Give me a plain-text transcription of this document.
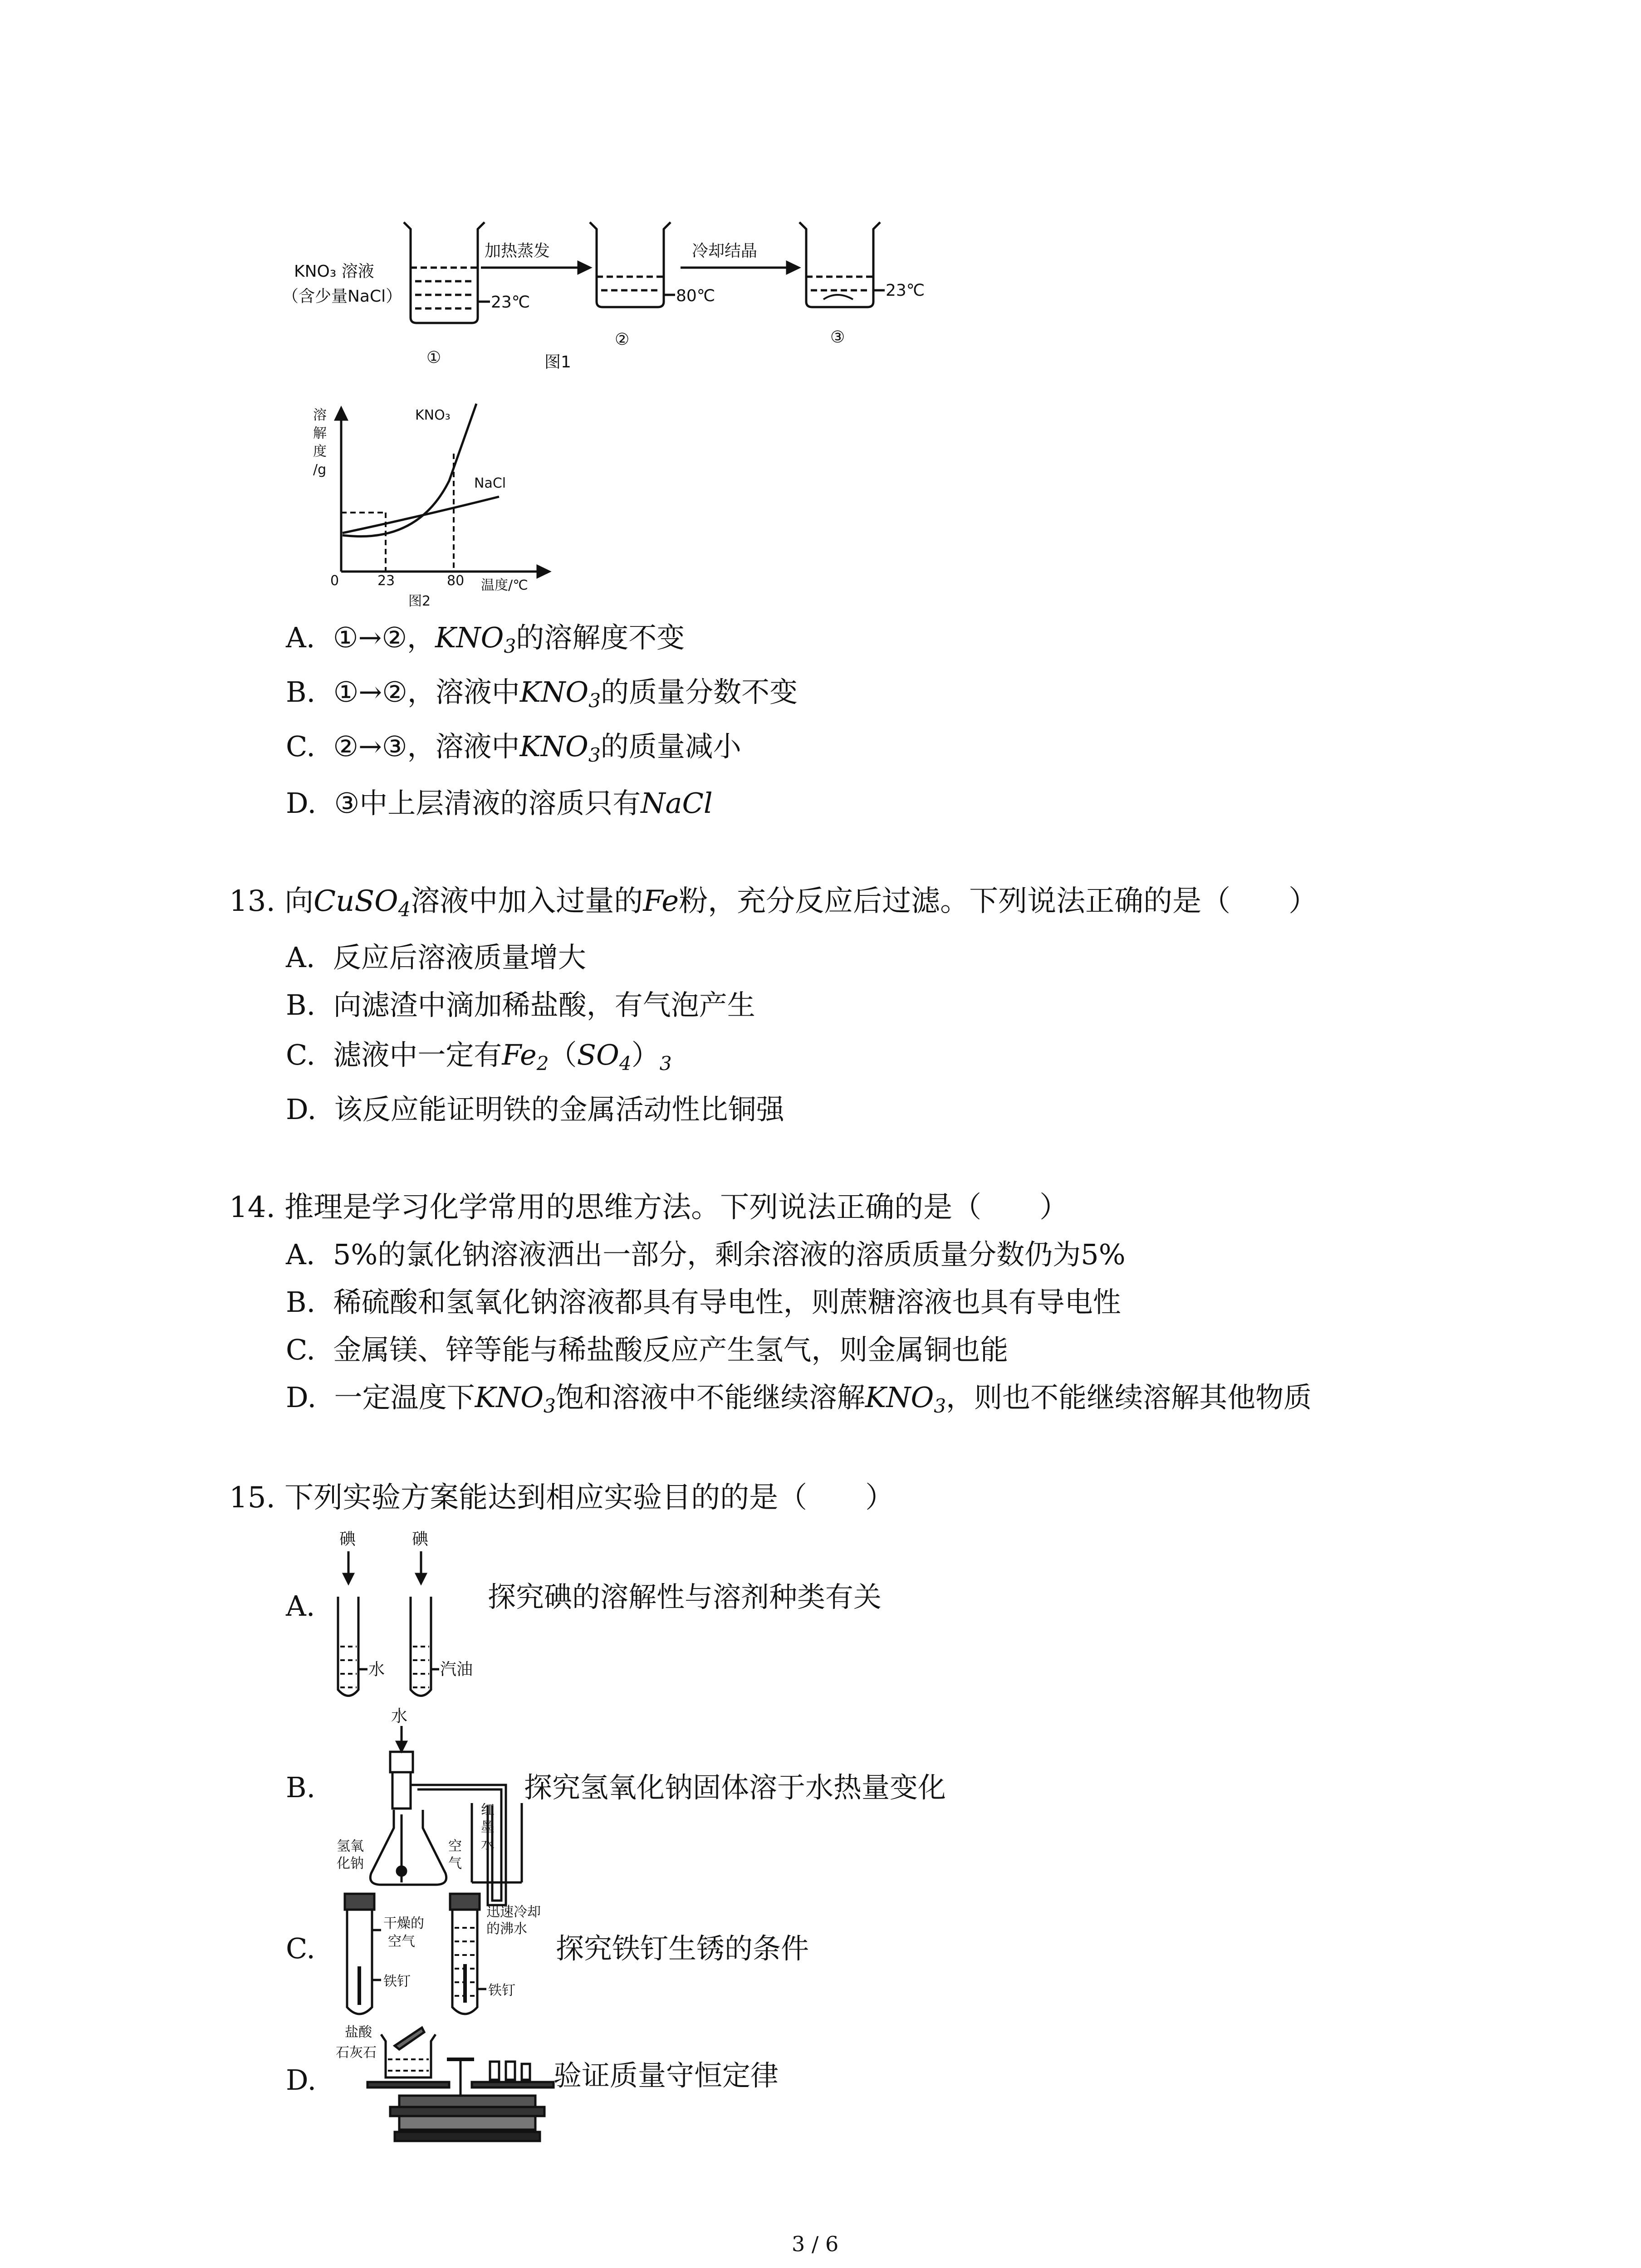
KNO₃ 溶液
（含少量NaCl）	23℃
①
加热蒸发
80℃
②
冷却结晶
23℃
③
图1
溶
解
度
/g
KNO₃
NaCl
0	23	80 温度/℃
图2
A. ①→②，$KNO_3$的溶解度不变
B. ①→②，溶液中$KNO_3$的质量分数不变
C. ②→③，溶液中$KNO_3$的质量减小
D. ③中上层清液的溶质只有NaCl
13. 向CuSO$_4$溶液中加入过量的Fe粉，充分反应后过滤。下列说法正确的是（　　）
A.  反应后溶液质量增大
B.  向滤渣中滴加稀盐酸，有气泡产生
C.  滤液中一定有$Fe_2(SO_4)_3$
D.  该反应能证明铁的金属活动性比铜强
14. 推理是学习化学常用的思维方法。下列说法正确的是（　　）
A.  5%的氯化钠溶液洒出一部分，剩余溶液的溶质质量分数仍为5%
B.  稀硫酸和氢氧化钠溶液都具有导电性，则蔗糖溶液也具有导电性
C.  金属镁、锌等能与稀盐酸反应产生氢气，则金属铜也能
D.  一定温度下$KNO_3$饱和溶液中不能继续溶解$KNO_3$，则也不能继续溶解其他物质
15. 下列实验方案能达到相应实验目的的是（　　）
碘	碘
水	汽油
A.	探究碘的溶解性与溶剂种类有关
水
氢氧
化钠
空
气
红
墨
水
B.	探究氢氧化钠固体溶于水热量变化
干燥的
空气
铁钉
迅速冷却
的沸水
铁钉
C.	探究铁钉生锈的条件
盐酸
石灰石
D.	验证质量守恒定律
3 / 6
